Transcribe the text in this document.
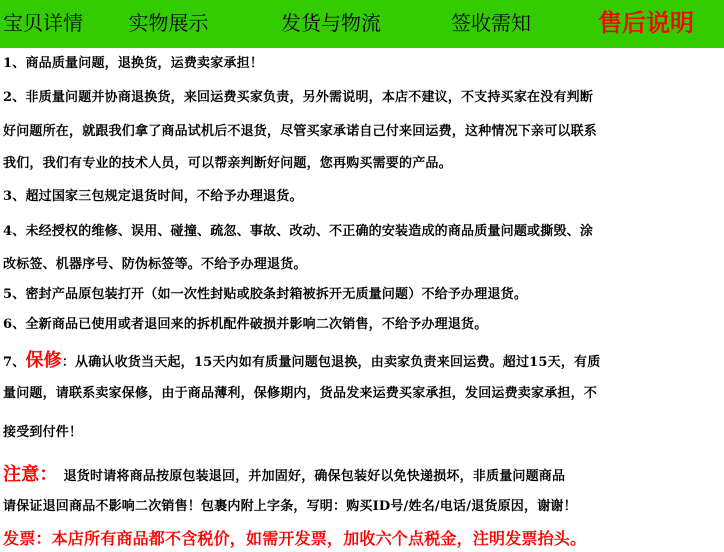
宝贝详情	实物展示	发货与物流	签收需知	售后说明
1、商品质量问题，退换货，运费卖家承担！
2、非质量问题并协商退换货，来回运费买家负责，另外需说明，本店不建议，不支持买家在没有判断
好问题所在，就跟我们拿了商品试机后不退货，尽管买家承诺自己付来回运费，这种情况下亲可以联系
我们，我们有专业的技术人员，可以帮亲判断好问题，您再购买需要的产品。
3、超过国家三包规定退货时间，不给予办理退货。
4、未经授权的维修、误用、碰撞、疏忽、事故、改动、不正确的安装造成的商品质量问题或撕毁、涂
改标签、机器序号、防伪标签等。不给予办理退货。
5、密封产品原包装打开（如一次性封贴或胶条封箱被拆开无质量问题）不给予办理退货。
6、全新商品已使用或者退回来的拆机配件破损并影响二次销售，不给予办理退货。
7、保修：从确认收货当天起，15天内如有质量问题包退换，由卖家负责来回运费。超过15天，有质
量问题，请联系卖家保修，由于商品薄利，保修期内，货品发来运费买家承担，发回运费卖家承担，不
接受到付件！
注意： 退货时请将商品按原包装退回，并加固好，确保包装好以免快递损坏，非质量问题商品
请保证退回商品不影响二次销售！包裹内附上字条，写明：购买ID号/姓名/电话/退货原因，谢谢！
发票：本店所有商品都不含税价，如需开发票，加收六个点税金，注明发票抬头。
